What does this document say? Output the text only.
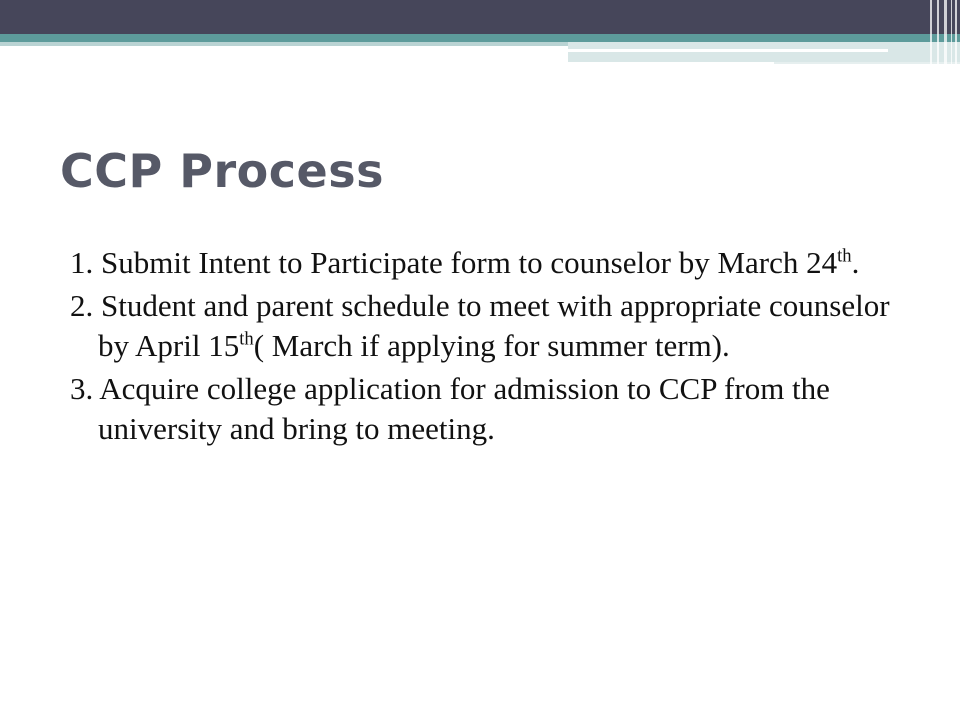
CCP Process
1. Submit Intent to Participate form to counselor by March 24th.
2. Student and parent schedule to meet with appropriate counselor by April 15th( March if applying for summer term).
3. Acquire college application for admission to CCP from the university and bring to meeting.
